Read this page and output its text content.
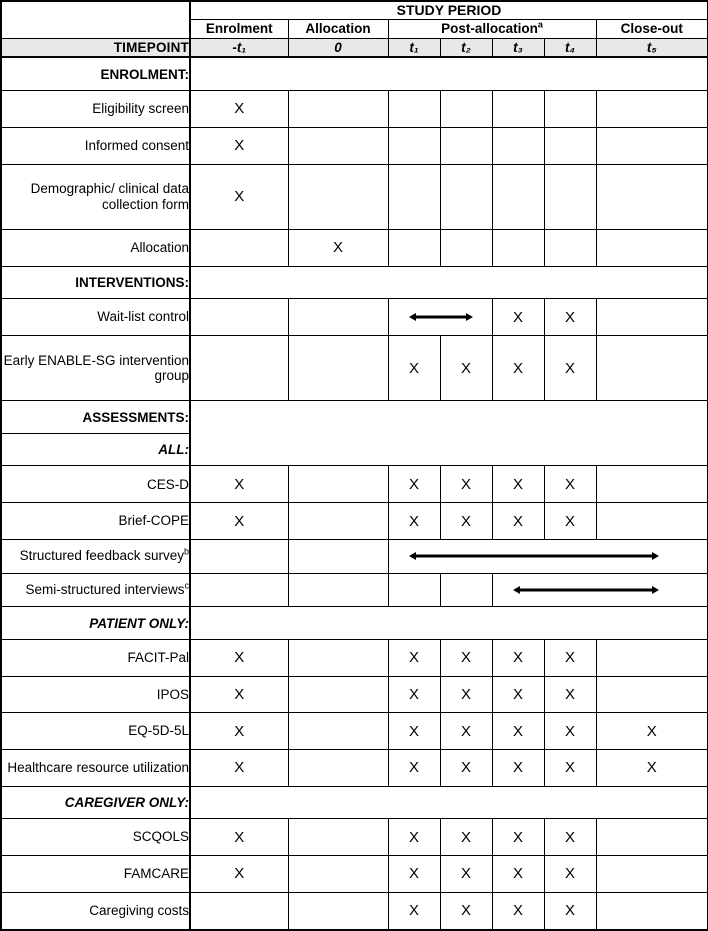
	STUDY PERIOD						
	Enrolment	Allocation	Post-allocation$^a$				Close-out
TIMEPOINT	-t₁	0	t₁	t₂	t₃	t₄	t₅
ENROLMENT:							
Eligibility screen	X						
Informed consent	X						
Demographic/ clinical data collection form	X						
Allocation		X					
INTERVENTIONS:							
Wait-list control					X	X	
Early ENABLE-SG intervention group			X	X	X	X	
ASSESSMENTS:							
ALL:							
CES-D	X		X	X	X	X	
Brief-COPE	X		X	X	X	X	
Structured feedback survey$^b$			

Semi-structured interviews$^c$					

PATIENT ONLY:							
FACIT-Pal	X		X	X	X	X	
IPOS	X		X	X	X	X	
EQ-5D-5L	X		X	X	X	X	X
Healthcare resource utilization	X		X	X	X	X	X
CAREGIVER ONLY:							
SCQOLS	X		X	X	X	X	
FAMCARE	X		X	X	X	X	
Caregiving costs			X	X	X	X	
